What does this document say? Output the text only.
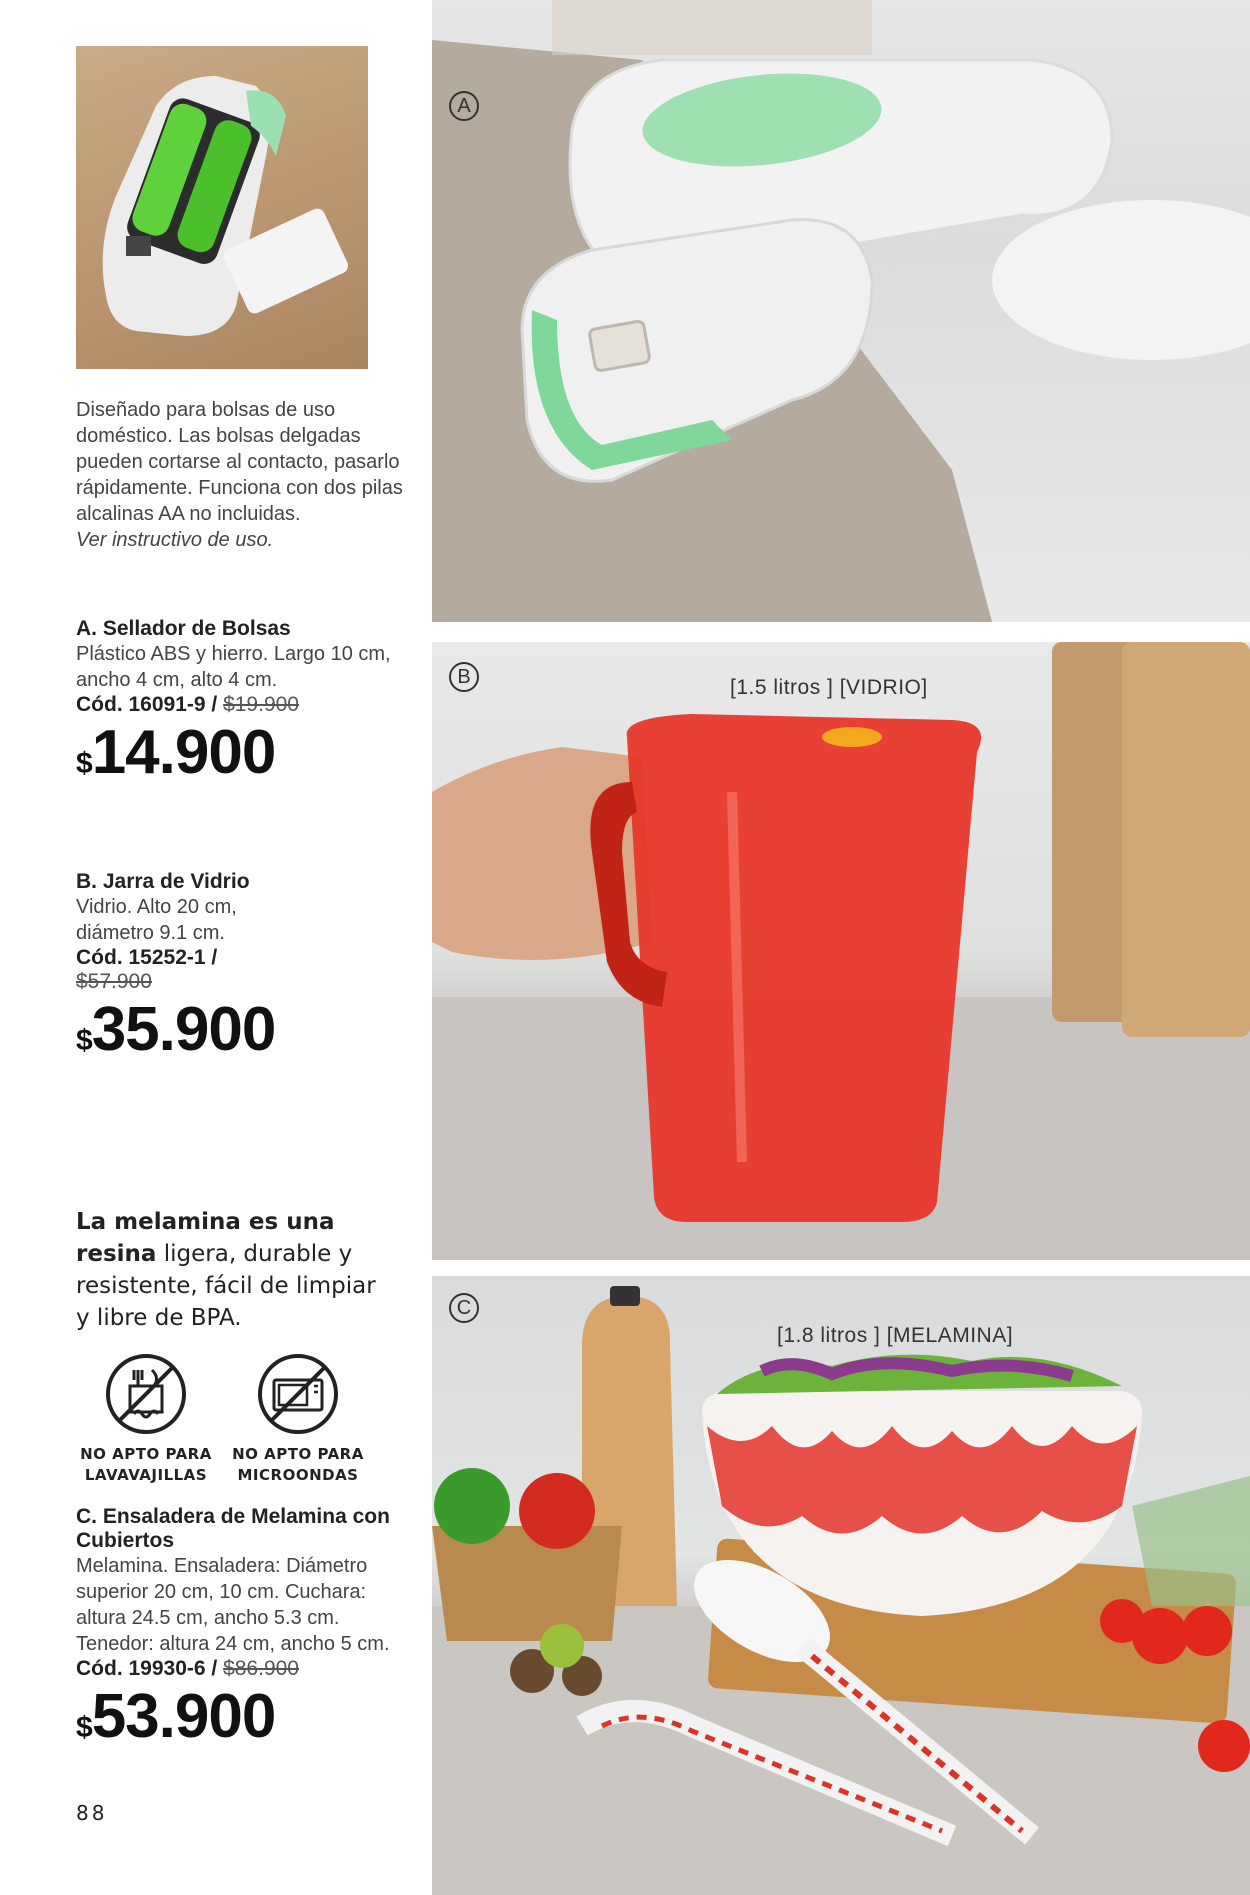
A
B	[1.5 litros ] [VIDRIO]
C
[1.8 litros ] [MELAMINA]
Diseñado para bolsas de uso doméstico. Las bolsas delgadas pueden cortarse al contacto, pasarlo rápidamente. Funciona con dos pilas alcalinas AA no incluidas.
Ver instructivo de uso.
A. Sellador de Bolsas
Plástico ABS y hierro. Largo 10 cm, ancho 4 cm, alto 4 cm.
Cód. 16091-9 / $19.900
$14.900
B. Jarra de Vidrio
Vidrio. Alto 20 cm, diámetro 9.1 cm.
Cód. 15252-1 /
$57.900
$35.900
La melamina es una
resina ligera, durable y resistente, fácil de limpiar y libre de BPA.
NO APTO PARA LAVAVAJILLAS
NO APTO PARA MICROONDAS
C. Ensaladera de Melamina con Cubiertos
Melamina. Ensaladera: Diámetro superior 20 cm, 10 cm. Cuchara: altura 24.5 cm, ancho 5.3 cm. Tenedor: altura 24 cm, ancho 5 cm.
Cód. 19930-6 / $86.900
$53.900
88
